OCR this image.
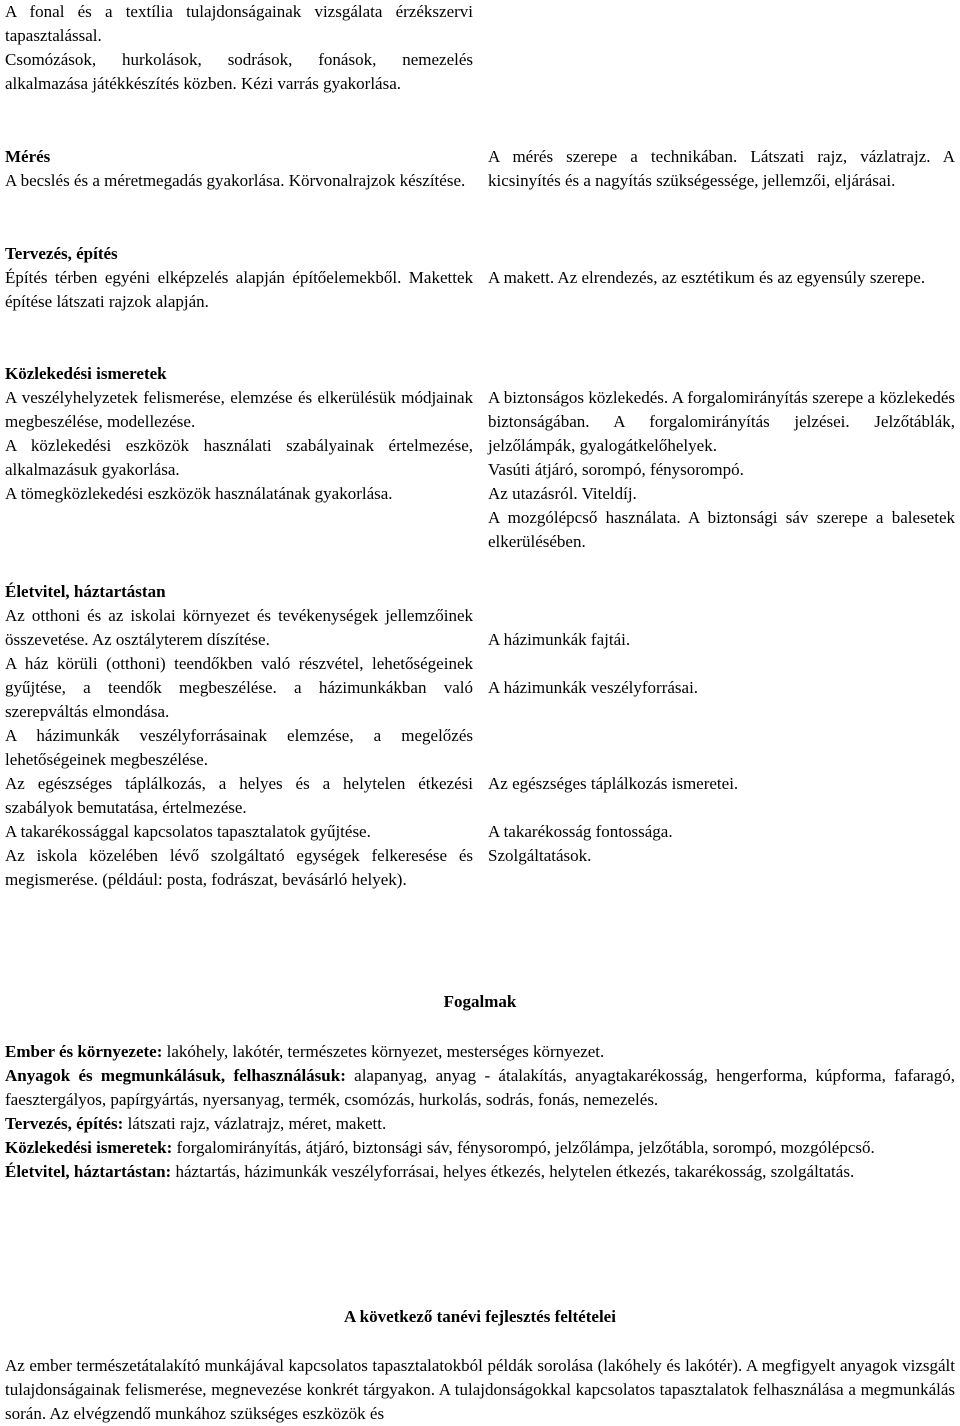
A fonal és a textília tulajdonságainak vizsgálata érzékszervi tapasztalással.

Csomózások, hurkolások, sodrások, fonások, nemezelés alkalmazása játékkészítés közben. Kézi varrás gyakorlása.

Mérés

A becslés és a méretmegadás gyakorlása. Körvonalrajzok készítése.

A mérés szerepe a technikában. Látszati rajz, vázlatrajz. A kicsinyítés és a nagyítás szükségessége, jellemzői, eljárásai.

Tervezés, építés

Építés térben egyéni elképzelés alapján építőelemekből. Makettek építése látszati rajzok alapján.

A makett. Az elrendezés, az esztétikum és az egyensúly szerepe.

Közlekedési ismeretek

A veszélyhelyzetek felismerése, elemzése és elkerülésük módjainak megbeszélése, modellezése.

A közlekedési eszközök használati szabályainak értelmezése, alkalmazásuk gyakorlása.

A tömegközlekedési eszközök használatának gyakorlása.

A biztonságos közlekedés. A forgalomirányítás szerepe a közlekedés biztonságában. A forgalomirányítás jelzései. Jelzőtáblák, jelzőlámpák, gyalogátkelőhelyek.

Vasúti átjáró, sorompó, fénysorompó.

Az utazásról. Viteldíj.

A mozgólépcső használata. A biztonsági sáv szerepe a balesetek elkerülésében.

Életvitel, háztartástan

Az otthoni és az iskolai környezet és tevékenységek jellemzőinek összevetése. Az osztályterem díszítése.

A ház körüli (otthoni) teendőkben való részvétel, lehetőségeinek gyűjtése, a teendők megbeszélése. a házimunkákban való szerepváltás elmondása.

A házimunkák veszélyforrásainak elemzése, a megelőzés lehetőségeinek megbeszélése.

Az egészséges táplálkozás, a helyes és a helytelen étkezési szabályok bemutatása, értelmezése.

A takarékossággal kapcsolatos tapasztalatok gyűjtése.

Az iskola közelében lévő szolgáltató egységek felkeresése és megismerése. (például: posta, fodrászat, bevásárló helyek).

A házimunkák fajtái.

A házimunkák veszélyforrásai.

Az egészséges táplálkozás ismeretei.

A takarékosság fontossága.

Szolgáltatások.

Fogalmak

Ember és környezete: lakóhely, lakótér, természetes környezet, mesterséges környezet.

Anyagok és megmunkálásuk, felhasználásuk: alapanyag, anyag - átalakítás, anyagtakarékosság, hengerforma, kúpforma, fafaragó, faesztergályos, papírgyártás, nyersanyag, termék, csomózás, hurkolás, sodrás, fonás, nemezelés.

Tervezés, építés: látszati rajz, vázlatrajz, méret, makett.

Közlekedési ismeretek: forgalomirányítás, átjáró, biztonsági sáv, fénysorompó, jelzőlámpa, jelzőtábla, sorompó, mozgólépcső.

Életvitel, háztartástan: háztartás, házimunkák veszélyforrásai, helyes étkezés, helytelen étkezés, takarékosság, szolgáltatás.

A következő tanévi fejlesztés feltételei

Az ember természetátalakító munkájával kapcsolatos tapasztalatokból példák sorolása (lakóhely és lakótér). A megfigyelt anyagok vizsgált tulajdonságainak felismerése, megnevezése konkrét tárgyakon. A tulajdonságokkal kapcsolatos tapasztalatok felhasználása a megmunkálás során. Az elvégzendő munkához szükséges eszközök és
